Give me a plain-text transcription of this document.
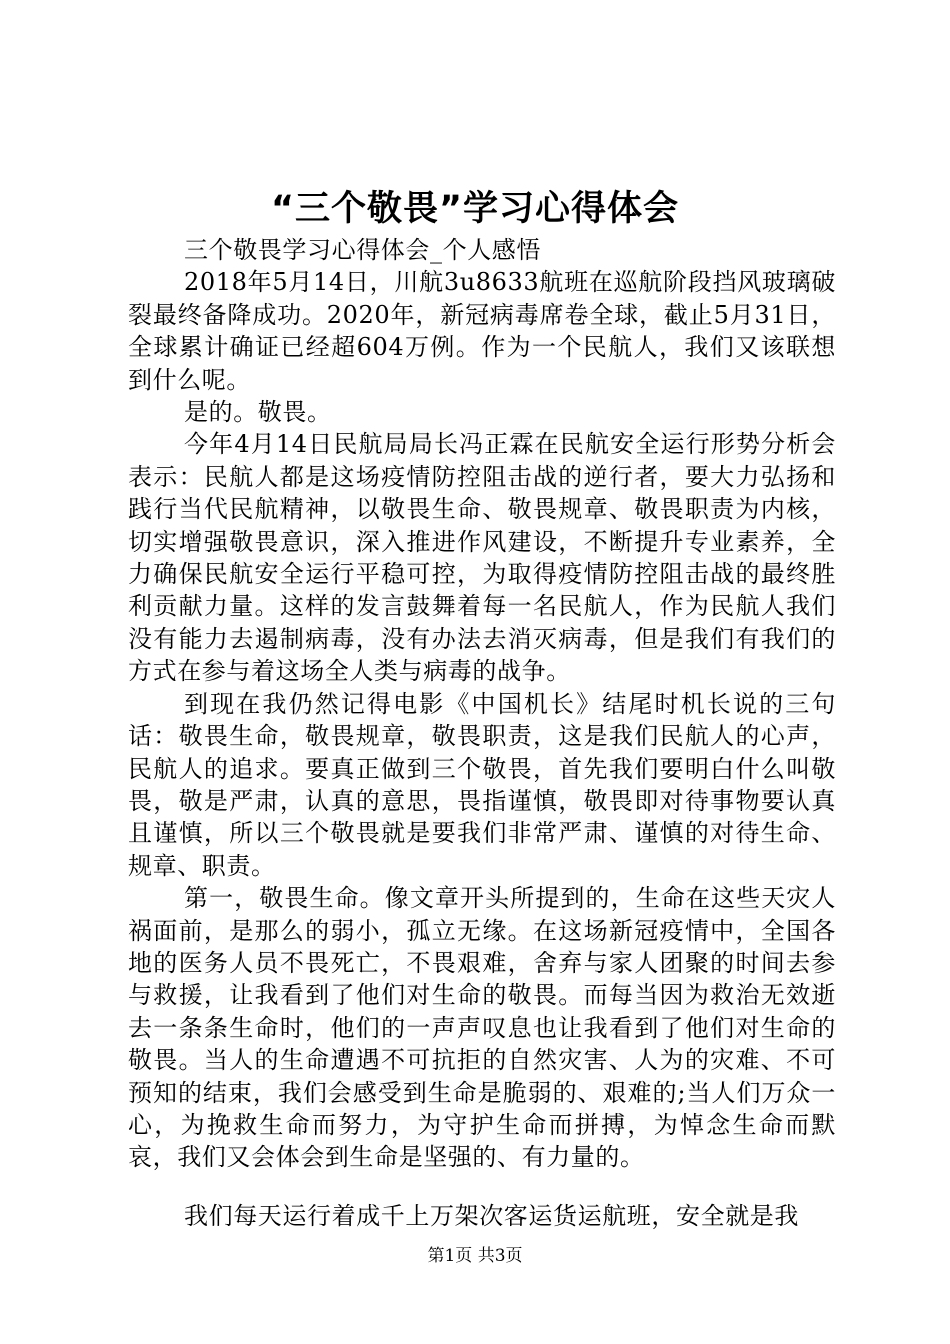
“三个敬畏”学习心得体会

三个敬畏学习心得体会_个人感悟

2018年5月14日，川航3u8633航班在巡航阶段挡风玻璃破裂最终备降成功。2020年，新冠病毒席卷全球，截止5月31日，全球累计确证已经超604万例。作为一个民航人，我们又该联想到什么呢。

是的。敬畏。

今年4月14日民航局局长冯正霖在民航安全运行形势分析会表示：民航人都是这场疫情防控阻击战的逆行者，要大力弘扬和践行当代民航精神，以敬畏生命、敬畏规章、敬畏职责为内核，切实增强敬畏意识，深入推进作风建设，不断提升专业素养，全力确保民航安全运行平稳可控，为取得疫情防控阻击战的最终胜利贡献力量。这样的发言鼓舞着每一名民航人，作为民航人我们没有能力去遏制病毒，没有办法去消灭病毒，但是我们有我们的方式在参与着这场全人类与病毒的战争。

到现在我仍然记得电影《中国机长》结尾时机长说的三句话：敬畏生命，敬畏规章，敬畏职责，这是我们民航人的心声，民航人的追求。要真正做到三个敬畏，首先我们要明白什么叫敬畏，敬是严肃，认真的意思，畏指谨慎，敬畏即对待事物要认真且谨慎，所以三个敬畏就是要我们非常严肃、谨慎的对待生命、规章、职责。

第一，敬畏生命。像文章开头所提到的，生命在这些天灾人祸面前，是那么的弱小，孤立无缘。在这场新冠疫情中，全国各地的医务人员不畏死亡，不畏艰难，舍弃与家人团聚的时间去参与救援，让我看到了他们对生命的敬畏。而每当因为救治无效逝去一条条生命时，他们的一声声叹息也让我看到了他们对生命的敬畏。当人的生命遭遇不可抗拒的自然灾害、人为的灾难、不可预知的结束，我们会感受到生命是脆弱的、艰难的;当人们万众一心，为挽救生命而努力，为守护生命而拼搏，为悼念生命而默哀，我们又会体会到生命是坚强的、有力量的。

我们每天运行着成千上万架次客运货运航班，安全就是我

第1页 共3页
